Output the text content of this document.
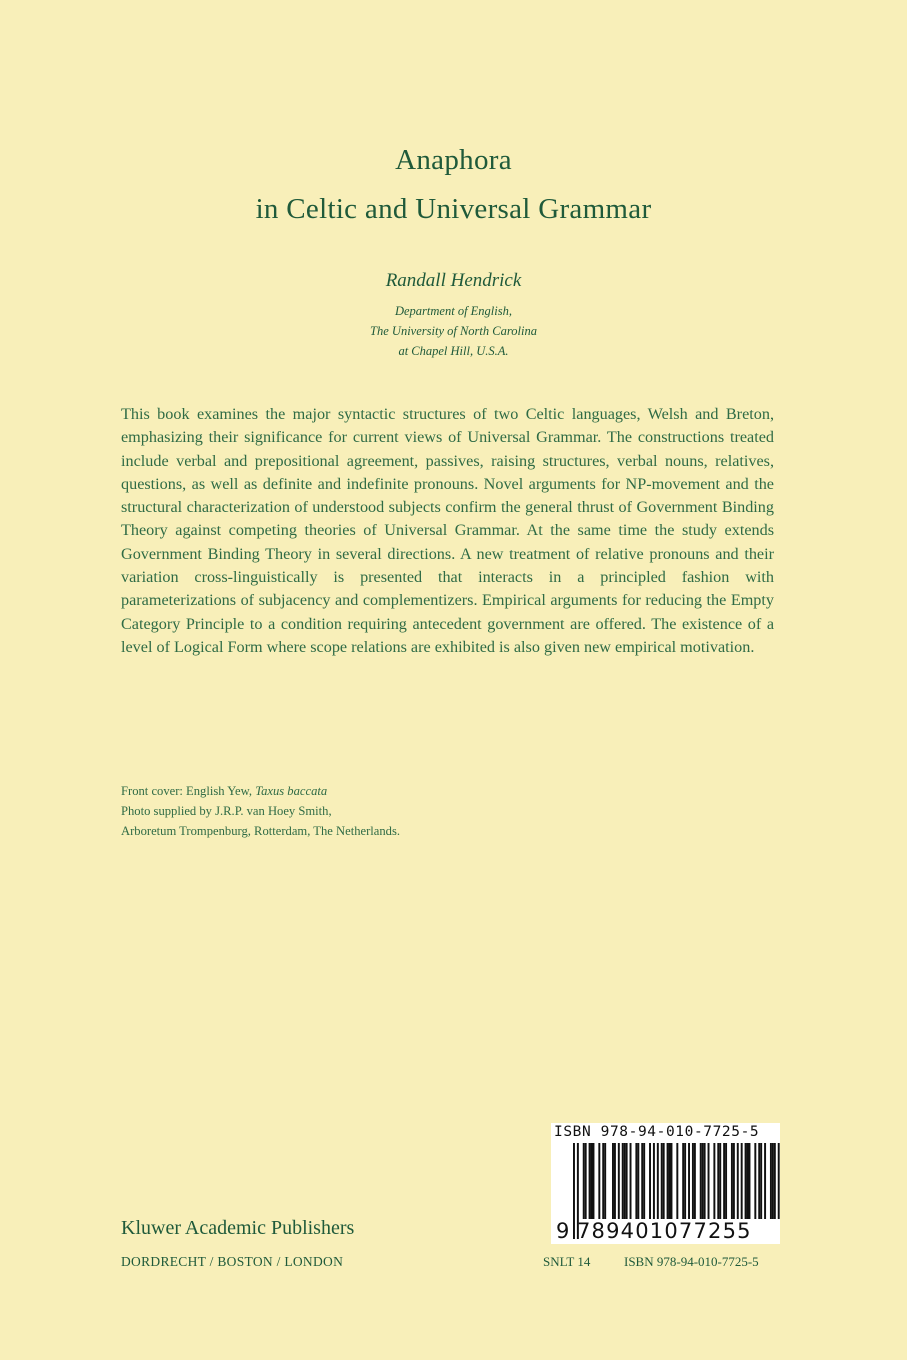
Anaphora
in Celtic and Universal Grammar
Randall Hendrick
Department of English,
The University of North Carolina
at Chapel Hill, U.S.A.

This book examines the major syntactic structures of two Celtic languages, Welsh and Breton, emphasizing their significance for current views of Universal Grammar. The constructions treated include verbal and prepositional agreement, passives, raising structures, verbal nouns, relatives, questions, as well as definite and indefinite pronouns. Novel arguments for NP-movement and the structural characterization of understood subjects confirm the general thrust of Government Binding Theory against competing theories of Universal Grammar. At the same time the study extends Government Binding Theory in several directions. A new treatment of relative pronouns and their variation cross-linguistically is presented that interacts in a principled fashion with parameterizations of subjacency and complementizers. Empirical arguments for reducing the Empty Category Principle to a condition requiring antecedent government are offered. The existence of a level of Logical Form where scope relations are exhibited is also given new empirical motivation.

Front cover: English Yew, Taxus baccata
Photo supplied by J.R.P. van Hoey Smith,
Arboretum Trompenburg, Rotterdam, The Netherlands.
ISBN 978-94-010-7725-5
9 789401077255
Kluwer Academic Publishers
DORDRECHT / BOSTON / LONDON	SNLT 14	ISBN 978-94-010-7725-5
